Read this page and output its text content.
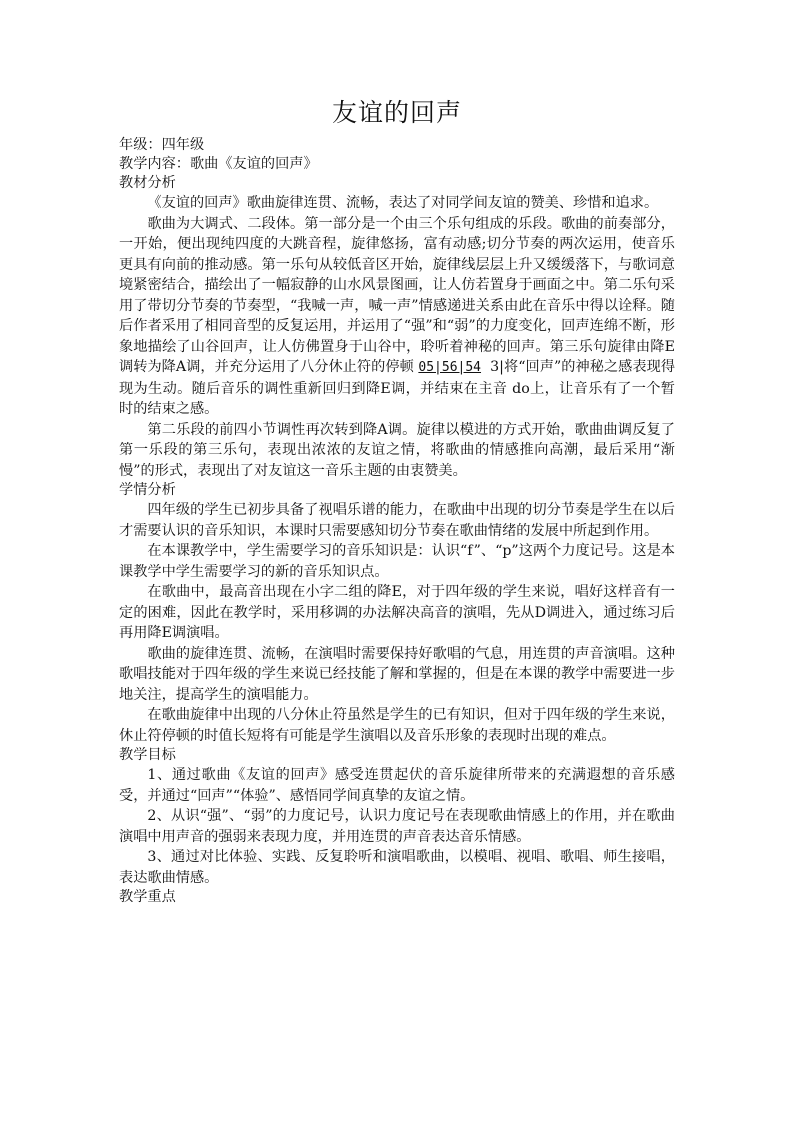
友谊的回声

年级：四年级

教学内容：歌曲《友谊的回声》

教材分析

《友谊的回声》歌曲旋律连贯、流畅，表达了对同学间友谊的赞美、珍惜和追求。

歌曲为大调式、二段体。第一部分是一个由三个乐句组成的乐段。歌曲的前奏部分，一开始，便出现纯四度的大跳音程，旋律悠扬，富有动感;切分节奏的两次运用，使音乐更具有向前的推动感。第一乐句从较低音区开始，旋律线层层上升又缓缓落下，与歌词意境紧密结合，描绘出了一幅寂静的山水风景图画，让人仿若置身于画面之中。第二乐句采用了带切分节奏的节奏型，“我喊一声，喊一声”情感递进关系由此在音乐中得以诠释。随后作者采用了相同音型的反复运用，并运用了“强”和“弱”的力度变化，回声连绵不断，形象地描绘了山谷回声，让人仿佛置身于山谷中，聆听着神秘的回声。第三乐句旋律由降E调转为降A调，并充分运用了八分休止符的停顿 05|56|54 3|将“回声”的神秘之感表现得现为生动。随后音乐的调性重新回归到降E调，并结束在主音 do上，让音乐有了一个暂时的结束之感。

第二乐段的前四小节调性再次转到降A调。旋律以模进的方式开始，歌曲曲调反复了第一乐段的第三乐句，表现出浓浓的友谊之情，将歌曲的情感推向高潮，最后采用“渐慢”的形式，表现出了对友谊这一音乐主题的由衷赞美。

学情分析

四年级的学生已初步具备了视唱乐谱的能力，在歌曲中出现的切分节奏是学生在以后才需要认识的音乐知识，本课时只需要感知切分节奏在歌曲情绪的发展中所起到作用。

在本课教学中，学生需要学习的音乐知识是：认识“f”、“p”这两个力度记号。这是本课教学中学生需要学习的新的音乐知识点。

在歌曲中，最高音出现在小字二组的降E，对于四年级的学生来说，唱好这样音有一定的困难，因此在教学时，采用移调的办法解决高音的演唱，先从D调进入，通过练习后再用降E调演唱。

歌曲的旋律连贯、流畅，在演唱时需要保持好歌唱的气息，用连贯的声音演唱。这种歌唱技能对于四年级的学生来说已经技能了解和掌握的，但是在本课的教学中需要进一步地关注，提高学生的演唱能力。

在歌曲旋律中出现的八分休止符虽然是学生的已有知识，但对于四年级的学生来说，休止符停顿的时值长短将有可能是学生演唱以及音乐形象的表现时出现的难点。

教学目标

1、通过歌曲《友谊的回声》感受连贯起伏的音乐旋律所带来的充满遐想的音乐感受，并通过“回声”“体验”、感悟同学间真挚的友谊之情。

2、从识“强”、“弱”的力度记号，认识力度记号在表现歌曲情感上的作用，并在歌曲演唱中用声音的强弱来表现力度，并用连贯的声音表达音乐情感。

3、通过对比体验、实践、反复聆听和演唱歌曲，以模唱、视唱、歌唱、师生接唱，表达歌曲情感。

教学重点
